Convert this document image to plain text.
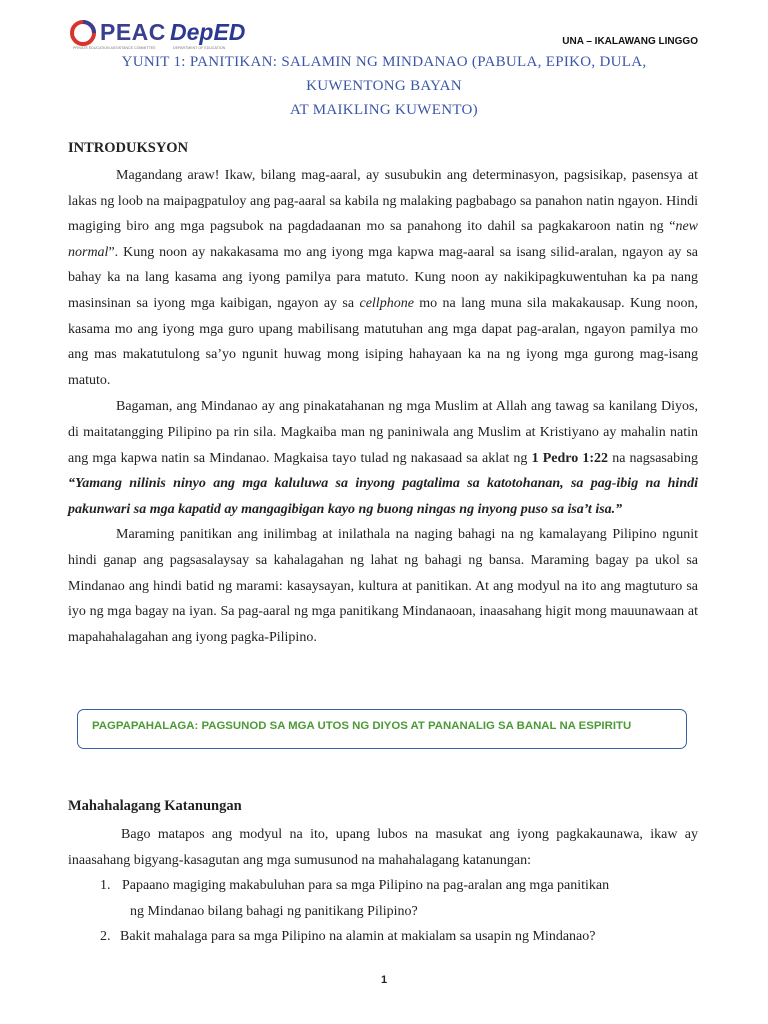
PEAC
PRIVATE EDUCATION ASSISTANCE COMMITTEE
DepED
DEPARTMENT OF EDUCATION
UNA – IKALAWANG LINGGO
YUNIT 1: PANITIKAN: SALAMIN NG MINDANAO (PABULA, EPIKO, DULA,
KUWENTONG BAYAN
AT MAIKLING KUWENTO)
INTRODUKSYON

Magandang araw! Ikaw, bilang mag-aaral, ay susubukin ang determinasyon, pagsisikap, pasensya at lakas ng loob na maipagpatuloy ang pag-aaral sa kabila ng malaking pagbabago sa panahon natin ngayon. Hindi magiging biro ang mga pagsubok na pagdadaanan mo sa panahong ito dahil sa pagkakaroon natin ng “new normal”. Kung noon ay nakakasama mo ang iyong mga kapwa mag-aaral sa isang silid-aralan, ngayon ay sa bahay ka na lang kasama ang iyong pamilya para matuto. Kung noon ay nakikipagkuwentuhan ka pa nang masinsinan sa iyong mga kaibigan, ngayon ay sa cellphone mo na lang muna sila makakausap. Kung noon, kasama mo ang iyong mga guro upang mabilisang matutuhan ang mga dapat pag-aralan, ngayon pamilya mo ang mas makatutulong sa’yo ngunit huwag mong isiping hahayaan ka na ng iyong mga gurong mag-isang matuto.

Bagaman, ang Mindanao ay ang pinakatahanan ng mga Muslim at Allah ang tawag sa kanilang Diyos, di maitatangging Pilipino pa rin sila. Magkaiba man ng paniniwala ang Muslim at Kristiyano ay mahalin natin ang mga kapwa natin sa Mindanao. Magkaisa tayo tulad ng nakasaad sa aklat ng 1 Pedro 1:22 na nagsasabing “Yamang nilinis ninyo ang mga kaluluwa sa inyong pagtalima sa katotohanan, sa pag-ibig na hindi pakunwari sa mga kapatid ay mangagibigan kayo ng buong ningas ng inyong puso sa isa’t isa.”

Maraming panitikan ang inilimbag at inilathala na naging bahagi na ng kamalayang Pilipino ngunit hindi ganap ang pagsasalaysay sa kahalagahan ng lahat ng bahagi ng bansa. Maraming bagay pa ukol sa Mindanao ang hindi batid ng marami: kasaysayan, kultura at panitikan. At ang modyul na ito ang magtuturo sa iyo ng mga bagay na iyan. Sa pag-aaral ng mga panitikang Mindanaoan, inaasahang higit mong mauunawaan at mapahahalagahan ang iyong pagka-Pilipino.

PAGPAPAHALAGA: PAGSUNOD SA MGA UTOS NG DIYOS AT PANANALIG SA BANAL NA ESPIRITU
Mahahalagang Katanungan

Bago matapos ang modyul na ito, upang lubos na masukat ang iyong pagkakaunawa, ikaw ay inaasahang bigyang-kasagutan ang mga sumusunod na mahahalagang katanungan:

1. Papaano magiging makabuluhan para sa mga Pilipino na pag-aralan ang mga panitikan
ng Mindanao bilang bahagi ng panitikang Pilipino?
2. Bakit mahalaga para sa mga Pilipino na alamin at makialam sa usapin ng Mindanao?
1
